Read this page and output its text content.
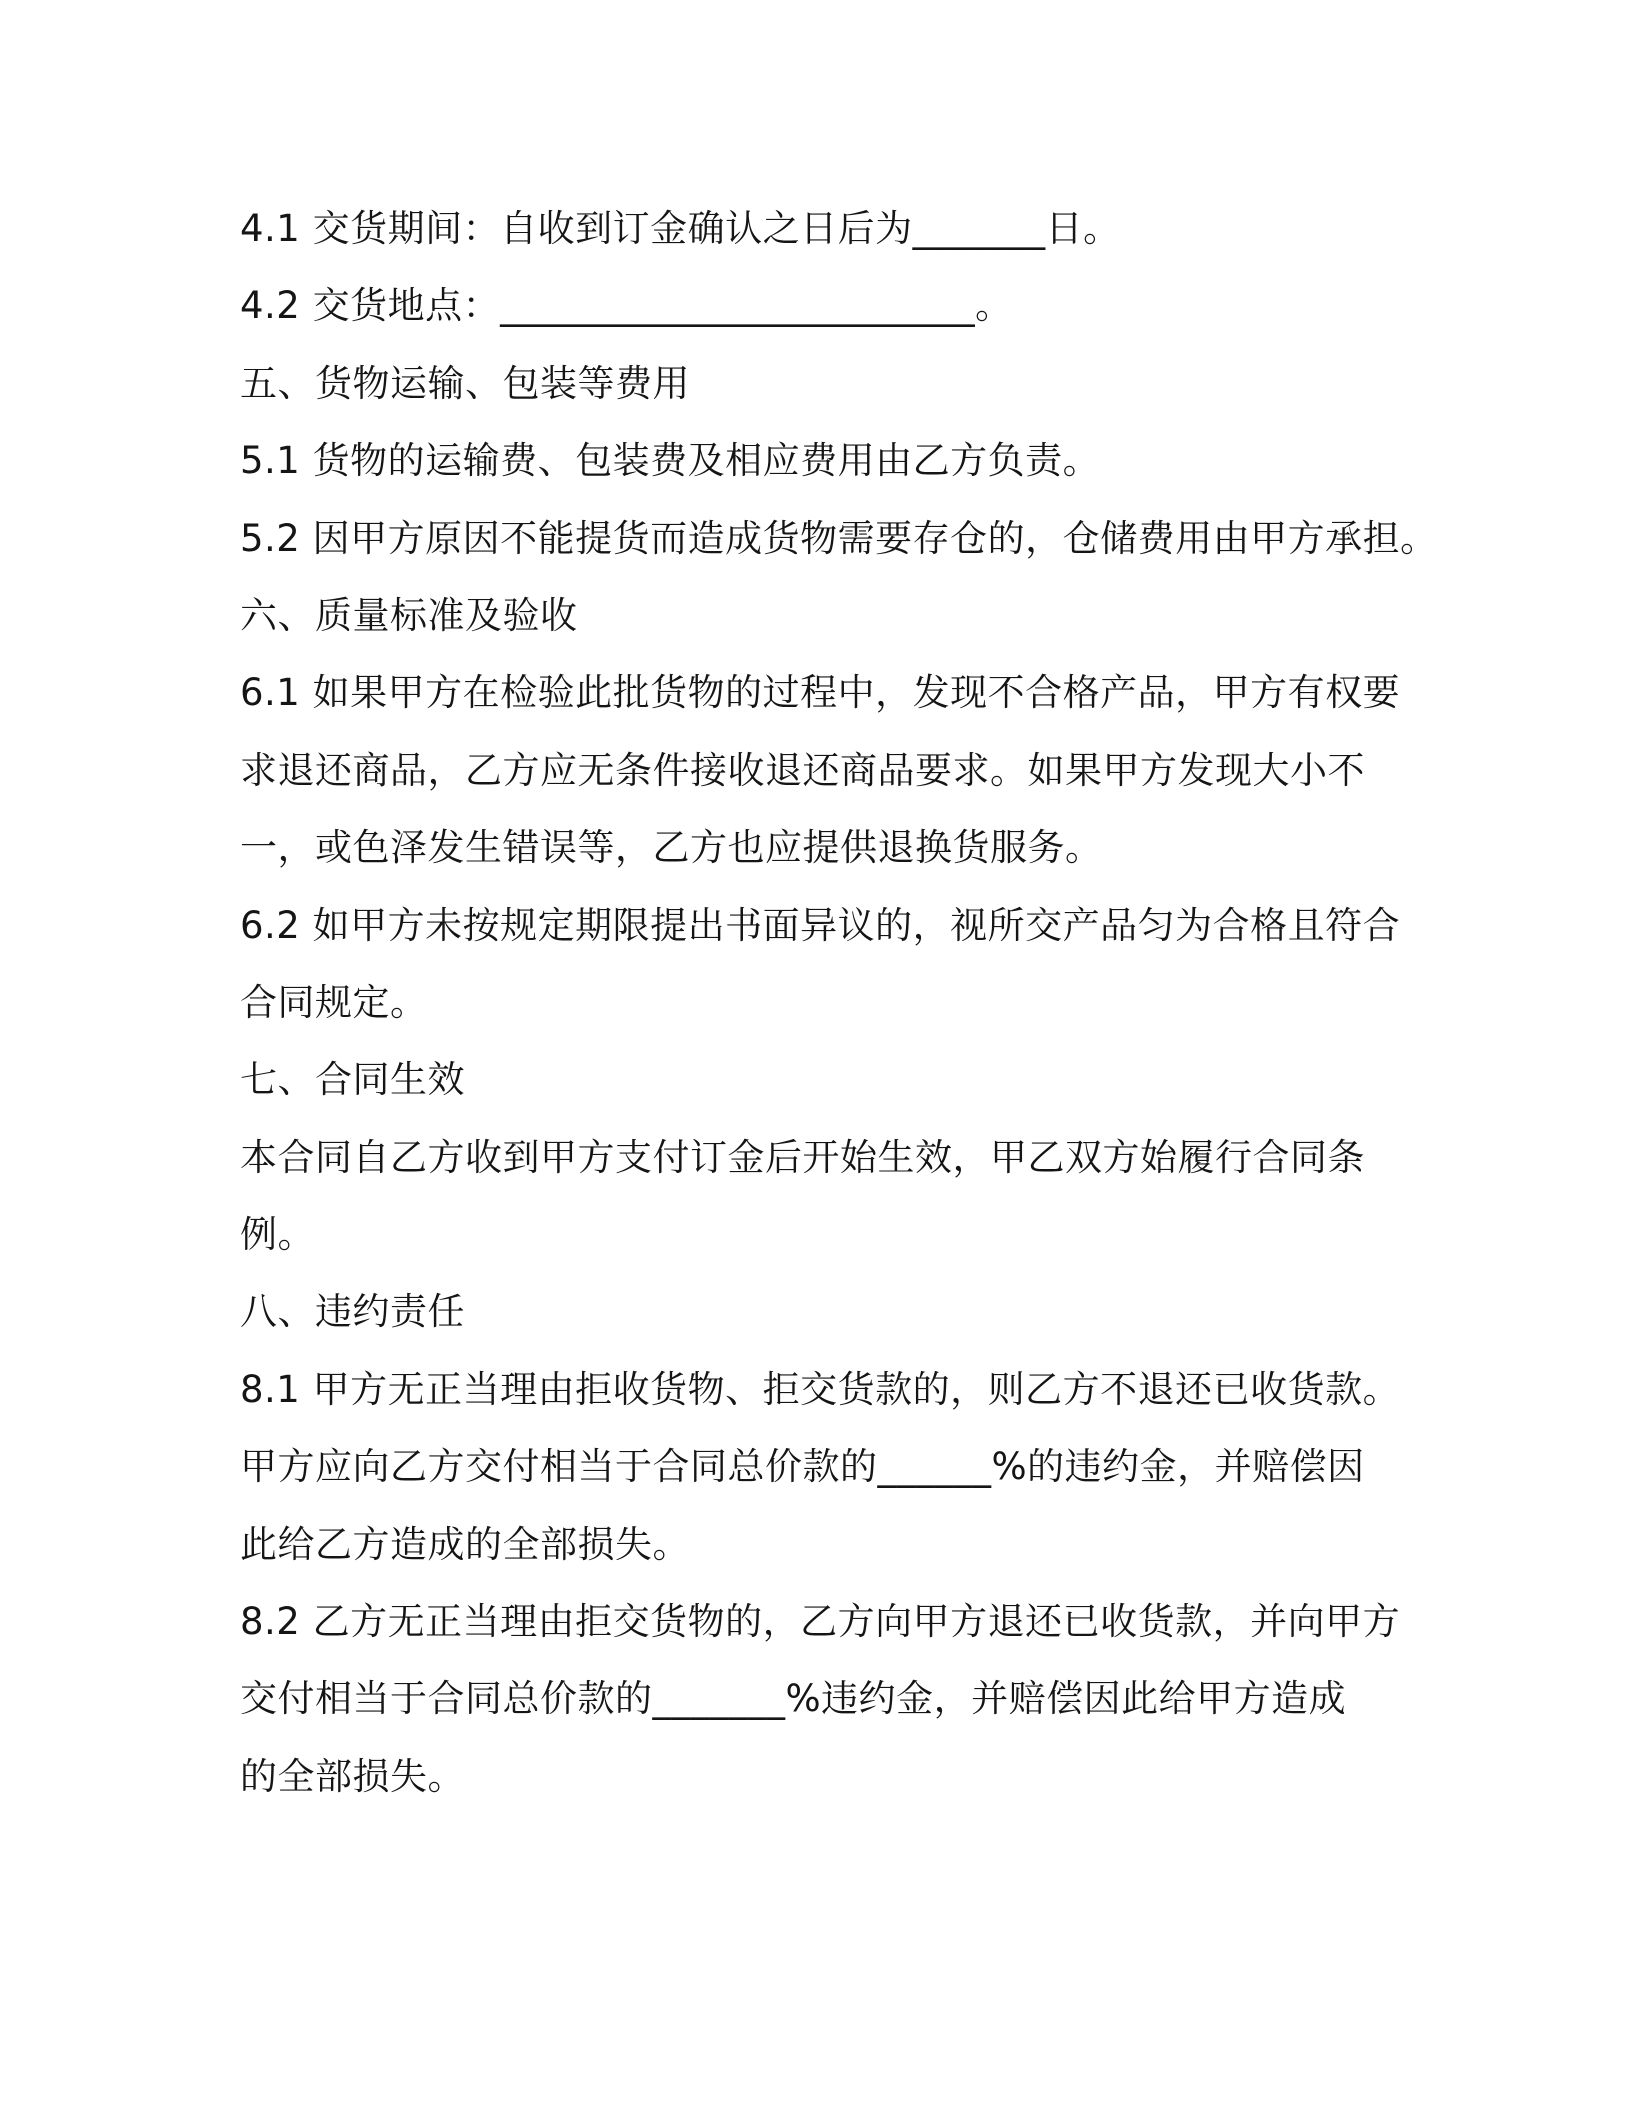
4.1 交货期间：自收到订金确认之日后为_______日。
4.2 交货地点：_________________________。
五、货物运输、包装等费用
5.1 货物的运输费、包装费及相应费用由乙方负责。
5.2 因甲方原因不能提货而造成货物需要存仓的，仓储费用由甲方承担。
六、质量标准及验收
6.1 如果甲方在检验此批货物的过程中，发现不合格产品，甲方有权要
求退还商品，乙方应无条件接收退还商品要求。如果甲方发现大小不
一，或色泽发生错误等，乙方也应提供退换货服务。
6.2 如甲方未按规定期限提出书面异议的，视所交产品匀为合格且符合
合同规定。
七、合同生效
本合同自乙方收到甲方支付订金后开始生效，甲乙双方始履行合同条
例。
八、违约责任
8.1 甲方无正当理由拒收货物、拒交货款的，则乙方不退还已收货款。
甲方应向乙方交付相当于合同总价款的______%的违约金，并赔偿因
此给乙方造成的全部损失。
8.2 乙方无正当理由拒交货物的，乙方向甲方退还已收货款，并向甲方
交付相当于合同总价款的_______%违约金，并赔偿因此给甲方造成
的全部损失。
